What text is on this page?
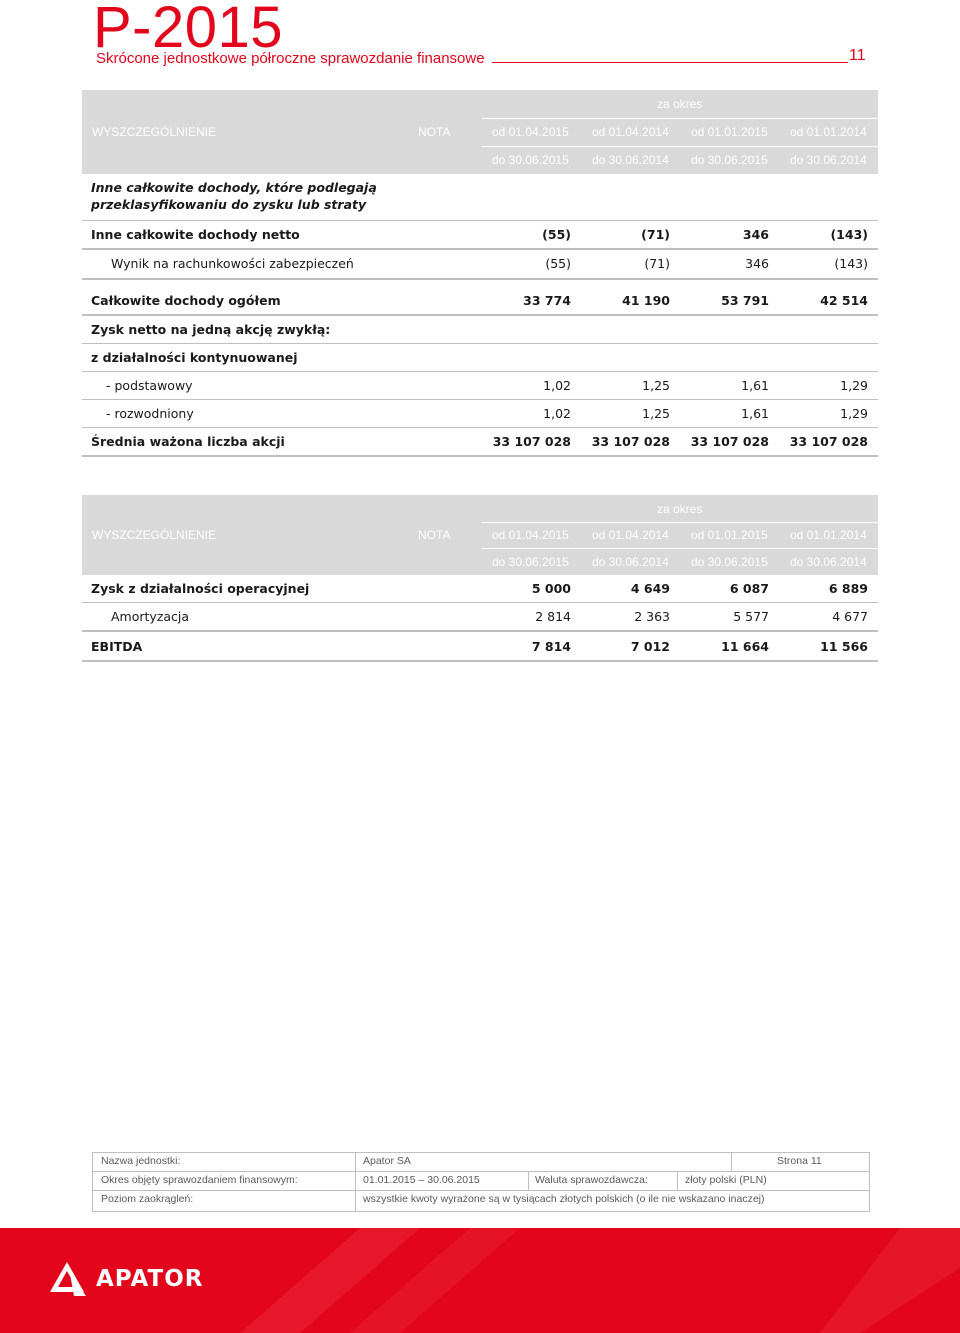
P-2015
Skrócone jednostkowe półroczne sprawozdanie finansowe	11
za okres
WYSZCZEGÓLNIENIE	NOTA	od 01.04.2015 od 01.04.2014 od 01.01.2015 od 01.01.2014
do 30.06.2015 do 30.06.2014 do 30.06.2015 do 30.06.2014
Inne całkowite dochody, które podlegają
przeklasyfikowaniu do zysku lub straty
Inne całkowite dochody netto	(55)	(71)	346	(143)
Wynik na rachunkowości zabezpieczeń	(55)	(71)	346	(143)
Całkowite dochody ogółem	33 774	41 190	53 791	42 514
Zysk netto na jedną akcję zwykłą:
z działalności kontynuowanej
- podstawowy	1,02	1,25	1,61	1,29
- rozwodniony	1,02	1,25	1,61	1,29
Średnia ważona liczba akcji	33 107 028	33 107 028	33 107 028	33 107 028
za okres
WYSZCZEGÓLNIENIE	NOTA	od 01.04.2015 od 01.04.2014 od 01.01.2015 od 01.01.2014
do 30.06.2015 do 30.06.2014 do 30.06.2015 do 30.06.2014
Zysk z działalności operacyjnej	5 000	4 649	6 087	6 889
Amortyzacja	2 814	2 363	5 577	4 677
EBITDA	7 814	7 012	11 664	11 566
Nazwa jednostki:	Apator SA	Strona 11
Okres objęty sprawozdaniem finansowym:	01.01.2015 – 30.06.2015	Waluta sprawozdawcza:	złoty polski (PLN)
Poziom zaokrągleń:	wszystkie kwoty wyrażone są w tysiącach złotych polskich (o ile nie wskazano inaczej)
APATOR
